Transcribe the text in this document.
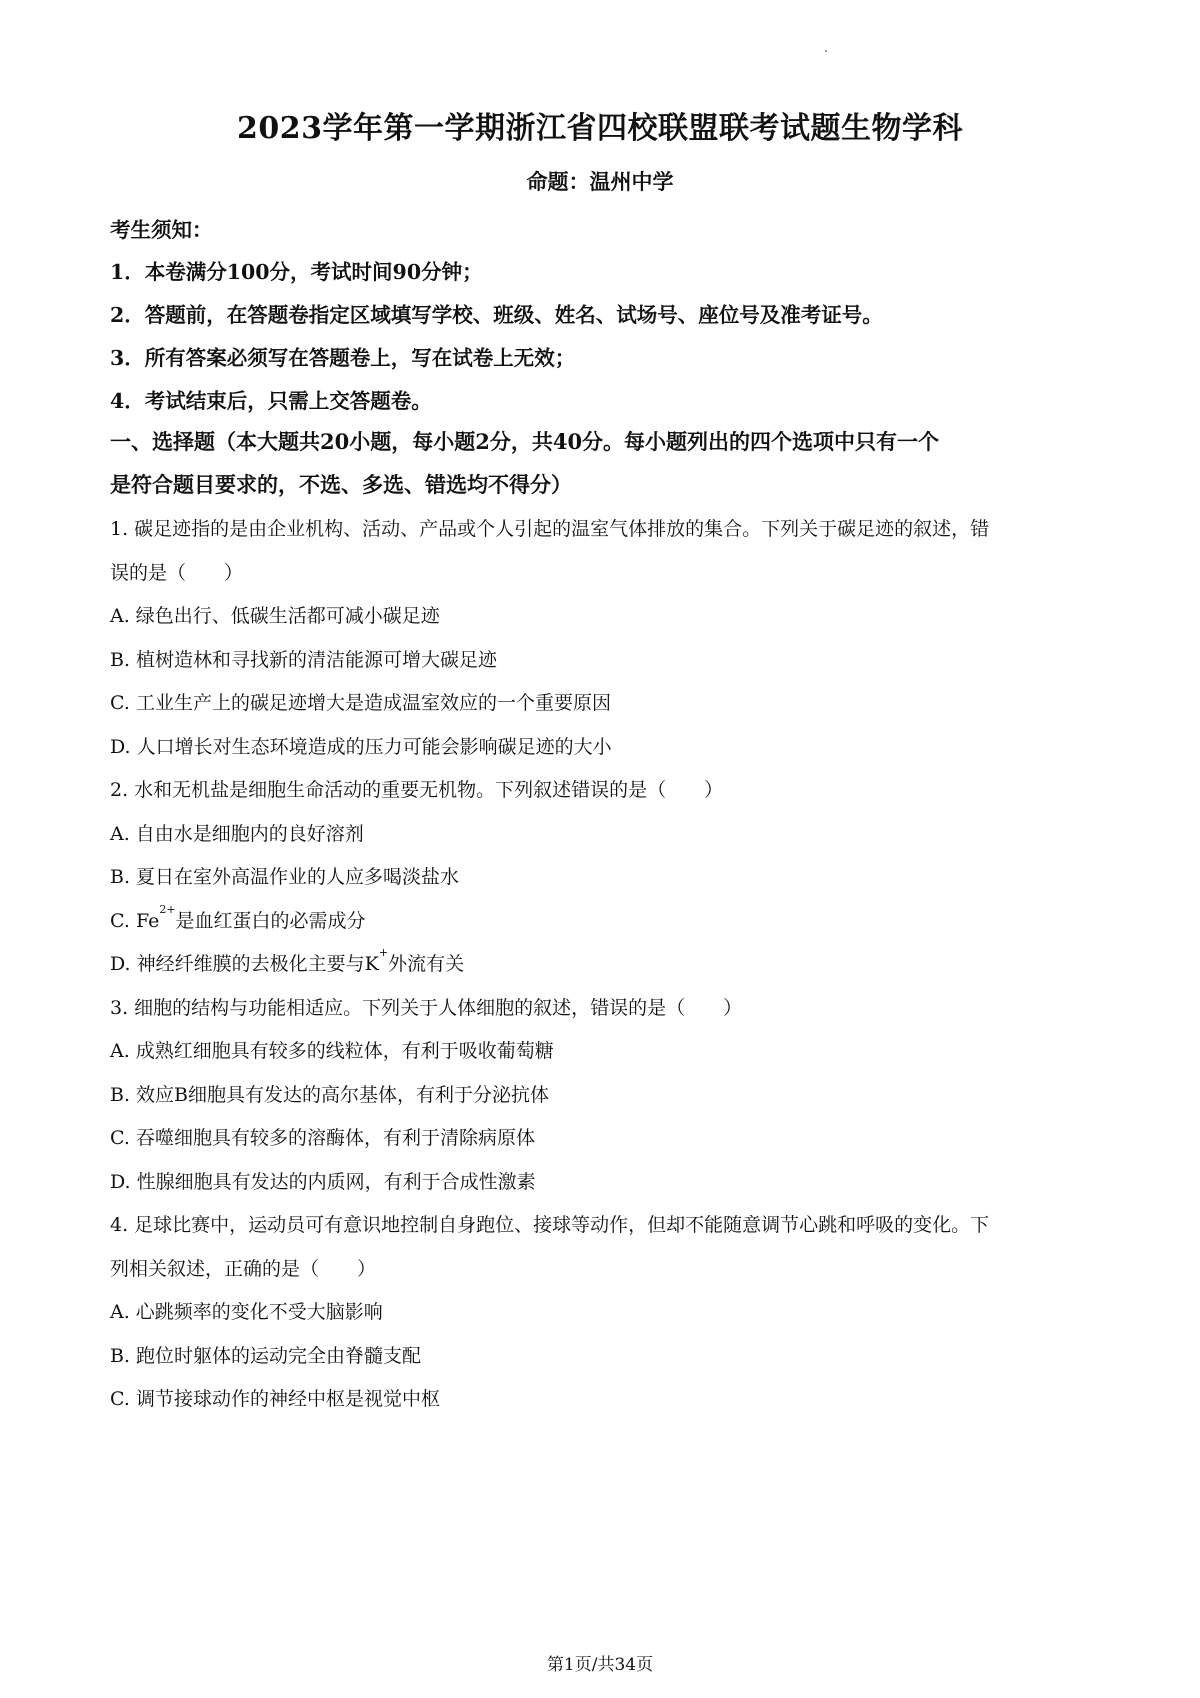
2023学年第一学期浙江省四校联盟联考试题生物学科
命题：温州中学
考生须知：
1．本卷满分100分，考试时间90分钟；
2．答题前，在答题卷指定区域填写学校、班级、姓名、试场号、座位号及准考证号。
3．所有答案必须写在答题卷上，写在试卷上无效；
4．考试结束后，只需上交答题卷。
一、选择题（本大题共20小题，每小题2分，共40分。每小题列出的四个选项中只有一个
是符合题目要求的，不选、多选、错选均不得分）
1. 碳足迹指的是由企业机构、活动、产品或个人引起的温室气体排放的集合。下列关于碳足迹的叙述，错
误的是（　　）
A. 绿色出行、低碳生活都可减小碳足迹
B. 植树造林和寻找新的清洁能源可增大碳足迹
C. 工业生产上的碳足迹增大是造成温室效应的一个重要原因
D. 人口增长对生态环境造成的压力可能会影响碳足迹的大小
2. 水和无机盐是细胞生命活动的重要无机物。下列叙述错误的是（　　）
A. 自由水是细胞内的良好溶剂
B. 夏日在室外高温作业的人应多喝淡盐水
C. $Fe^{2+}$是血红蛋白的必需成分
D. 神经纤维膜的去极化主要与K+外流有关
3. 细胞的结构与功能相适应。下列关于人体细胞的叙述，错误的是（　　）
A. 成熟红细胞具有较多的线粒体，有利于吸收葡萄糖
B. 效应B细胞具有发达的高尔基体，有利于分泌抗体
C. 吞噬细胞具有较多的溶酶体，有利于清除病原体
D. 性腺细胞具有发达的内质网，有利于合成性激素
4. 足球比赛中，运动员可有意识地控制自身跑位、接球等动作，但却不能随意调节心跳和呼吸的变化。下
列相关叙述，正确的是（　　）
A. 心跳频率的变化不受大脑影响
B. 跑位时躯体的运动完全由脊髓支配
C. 调节接球动作的神经中枢是视觉中枢
第1页/共34页
